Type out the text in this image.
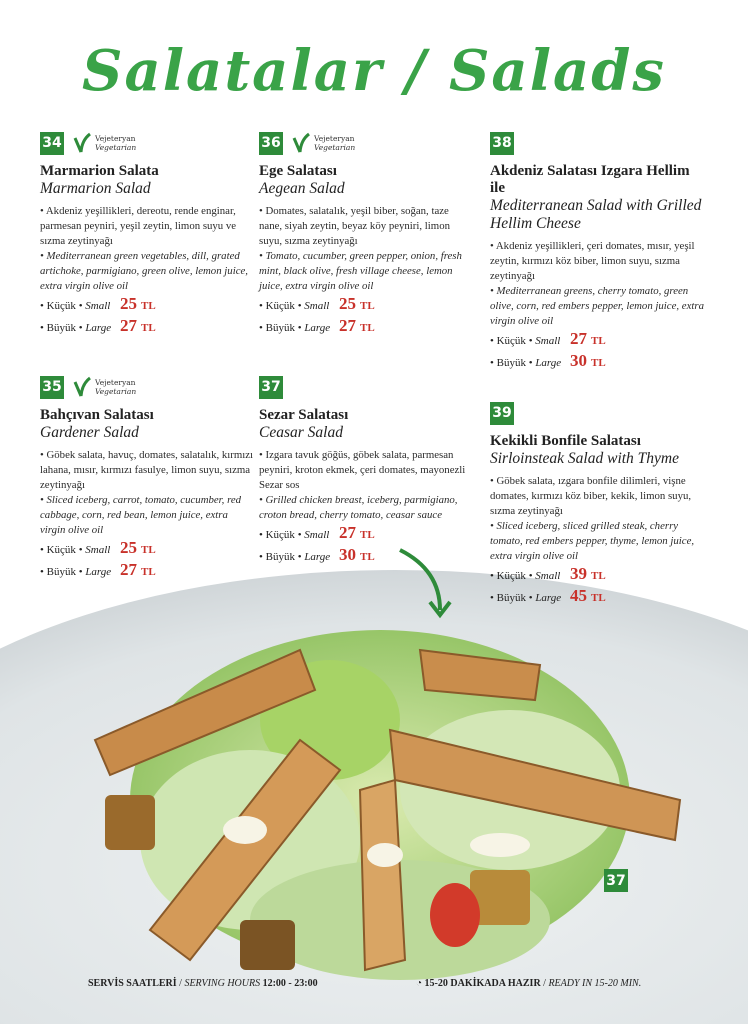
Salatalar / Salads
34	Vejeteryan
Vegetarian
Marmarion Salata
Marmarion Salad
• Akdeniz yeşillikleri, dereotu, rende enginar, parmesan peyniri, yeşil zeytin, limon suyu ve sızma zeytinyağı
• Mediterranean green vegetables, dill, grated artichoke, parmigiano, green olive, lemon juice, extra virgin olive oil
• Küçük • Small 25 TL
• Büyük • Large 27 TL
36	Vejeteryan
Vegetarian
Ege Salatası
Aegean Salad
• Domates, salatalık, yeşil biber, soğan, taze nane, siyah zeytin, beyaz köy peyniri, limon suyu, sızma zeytinyağı
• Tomato, cucumber, green pepper, onion, fresh mint, black olive, fresh village cheese, lemon juice, extra virgin olive oil
• Küçük • Small 25 TL
• Büyük • Large 27 TL
38
Akdeniz Salatası Izgara Hellim ile
Mediterranean Salad with Grilled Hellim Cheese
• Akdeniz yeşillikleri, çeri domates, mısır, yeşil zeytin, kırmızı köz biber, limon suyu, sızma zeytinyağı
• Mediterranean greens, cherry tomato, green olive, corn, red embers pepper, lemon juice, extra virgin olive oil
• Küçük • Small 27 TL
• Büyük • Large 30 TL
35	Vejeteryan
Vegetarian
Bahçıvan Salatası
Gardener Salad
• Göbek salata, havuç, domates, salatalık, kırmızı lahana, mısır, kırmızı fasulye, limon suyu, sızma zeytinyağı
• Sliced iceberg, carrot, tomato, cucumber, red cabbage, corn, red bean, lemon juice, extra virgin olive oil
• Küçük • Small 25 TL
• Büyük • Large 27 TL
37
Sezar Salatası
Ceasar Salad
• Izgara tavuk göğüs, göbek salata, parmesan peyniri, kroton ekmek, çeri domates, mayonezli Sezar sos
• Grilled chicken breast, iceberg, parmigiano, croton bread, cherry tomato, ceasar sauce
• Küçük • Small 27 TL
• Büyük • Large 30 TL
39
Kekikli Bonfile Salatası
Sirloinsteak Salad with Thyme
• Göbek salata, ızgara bonfile dilimleri, vişne domates, kırmızı köz biber, kekik, limon suyu, sızma zeytinyağı
• Sliced iceberg, sliced grilled steak, cherry tomato, red embers pepper, thyme, lemon juice, extra virgin olive oil
• Küçük • Small 39 TL
• Büyük • Large 45 TL
37
SERVİS SAATLERİ / SERVING HOURS 12:00 - 23:00	◔ 15-20 DAKİKADA HAZIR / READY IN 15-20 MIN.
